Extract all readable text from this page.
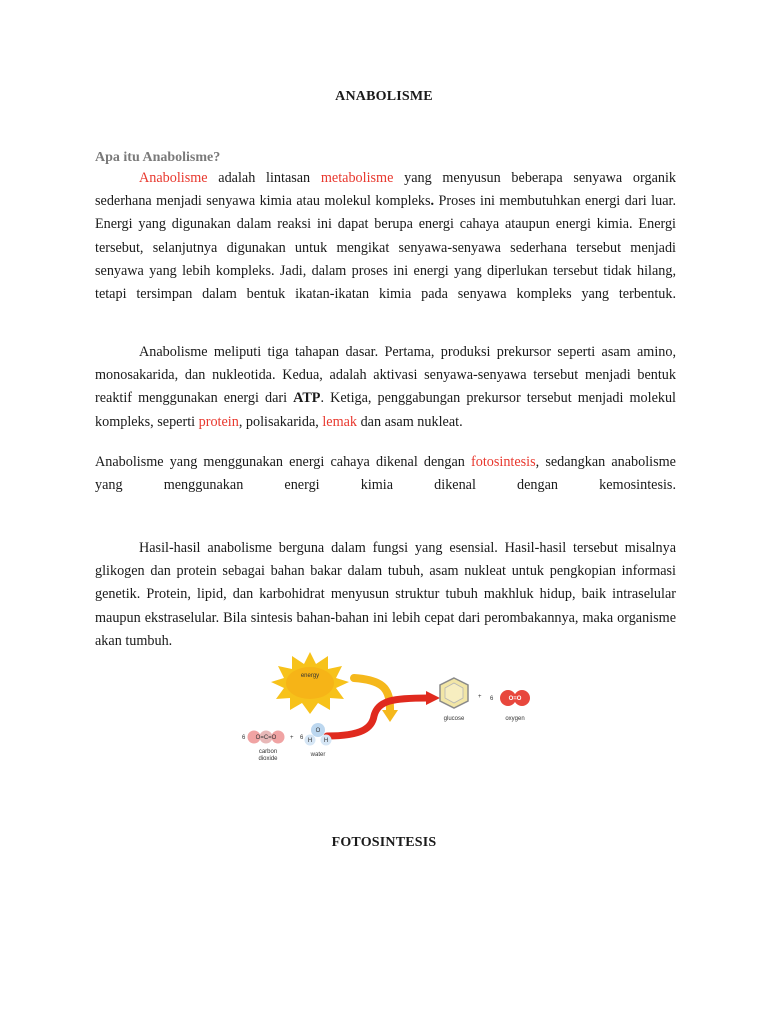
ANABOLISME
Apa itu Anabolisme?

Anabolisme adalah lintasan metabolisme yang menyusun beberapa senyawa organik sederhana menjadi senyawa kimia atau molekul kompleks. Proses ini membutuhkan energi dari luar. Energi yang digunakan dalam reaksi ini dapat berupa energi cahaya ataupun energi kimia. Energi tersebut, selanjutnya digunakan untuk mengikat senyawa-senyawa sederhana tersebut menjadi senyawa yang lebih kompleks. Jadi, dalam proses ini energi yang diperlukan tersebut tidak hilang, tetapi tersimpan dalam bentuk ikatan-ikatan kimia pada senyawa kompleks yang terbentuk.

Anabolisme meliputi tiga tahapan dasar. Pertama, produksi prekursor seperti asam amino, monosakarida, dan nukleotida. Kedua, adalah aktivasi senyawa-senyawa tersebut menjadi bentuk reaktif menggunakan energi dari ATP. Ketiga, penggabungan prekursor tersebut menjadi molekul kompleks, seperti protein, polisakarida, lemak dan asam nukleat.

Anabolisme yang menggunakan energi cahaya dikenal dengan fotosintesis, sedangkan anabolisme yang menggunakan energi kimia dikenal dengan kemosintesis.

Hasil-hasil anabolisme berguna dalam fungsi yang esensial. Hasil-hasil tersebut misalnya glikogen dan protein sebagai bahan bakar dalam tubuh, asam nukleat untuk pengkopian informasi genetik. Protein, lipid, dan karbohidrat menyusun struktur tubuh makhluk hidup, baik intraselular maupun ekstraselular. Bila sintesis bahan-bahan ini lebih cepat dari perombakannya, maka organisme akan tumbuh.

energy
6 O=C=O
carbon
dioxide
+ 6
O
H H
water
glucose
+ 6	O=O
oxygen
FOTOSINTESIS
